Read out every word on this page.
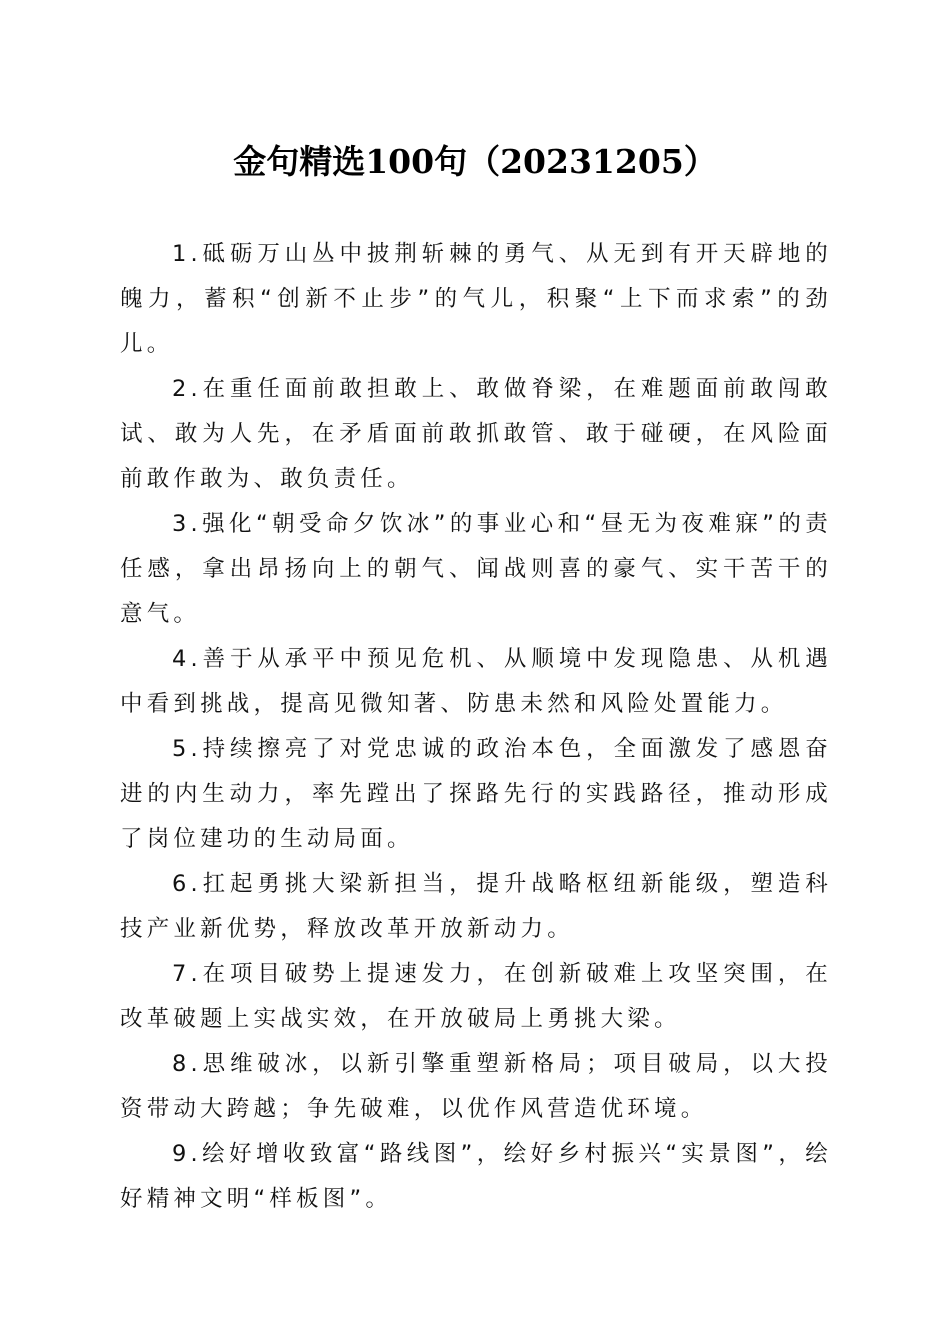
金句精选100句（20231205）

1.砥砺万山丛中披荆斩棘的勇气、从无到有开天辟地的魄力，蓄积“创新不止步”的气儿，积聚“上下而求索”的劲儿。

2.在重任面前敢担敢上、敢做脊梁，在难题面前敢闯敢试、敢为人先，在矛盾面前敢抓敢管、敢于碰硬，在风险面前敢作敢为、敢负责任。

3.强化“朝受命夕饮冰”的事业心和“昼无为夜难寐”的责任感，拿出昂扬向上的朝气、闻战则喜的豪气、实干苦干的意气。

4.善于从承平中预见危机、从顺境中发现隐患、从机遇中看到挑战，提高见微知著、防患未然和风险处置能力。

5.持续擦亮了对党忠诚的政治本色，全面激发了感恩奋进的内生动力，率先蹚出了探路先行的实践路径，推动形成了岗位建功的生动局面。

6.扛起勇挑大梁新担当，提升战略枢纽新能级，塑造科技产业新优势，释放改革开放新动力。

7.在项目破势上提速发力，在创新破难上攻坚突围，在改革破题上实战实效，在开放破局上勇挑大梁。

8.思维破冰，以新引擎重塑新格局；项目破局，以大投资带动大跨越；争先破难，以优作风营造优环境。

9.绘好增收致富“路线图”，绘好乡村振兴“实景图”，绘好精神文明“样板图”。
